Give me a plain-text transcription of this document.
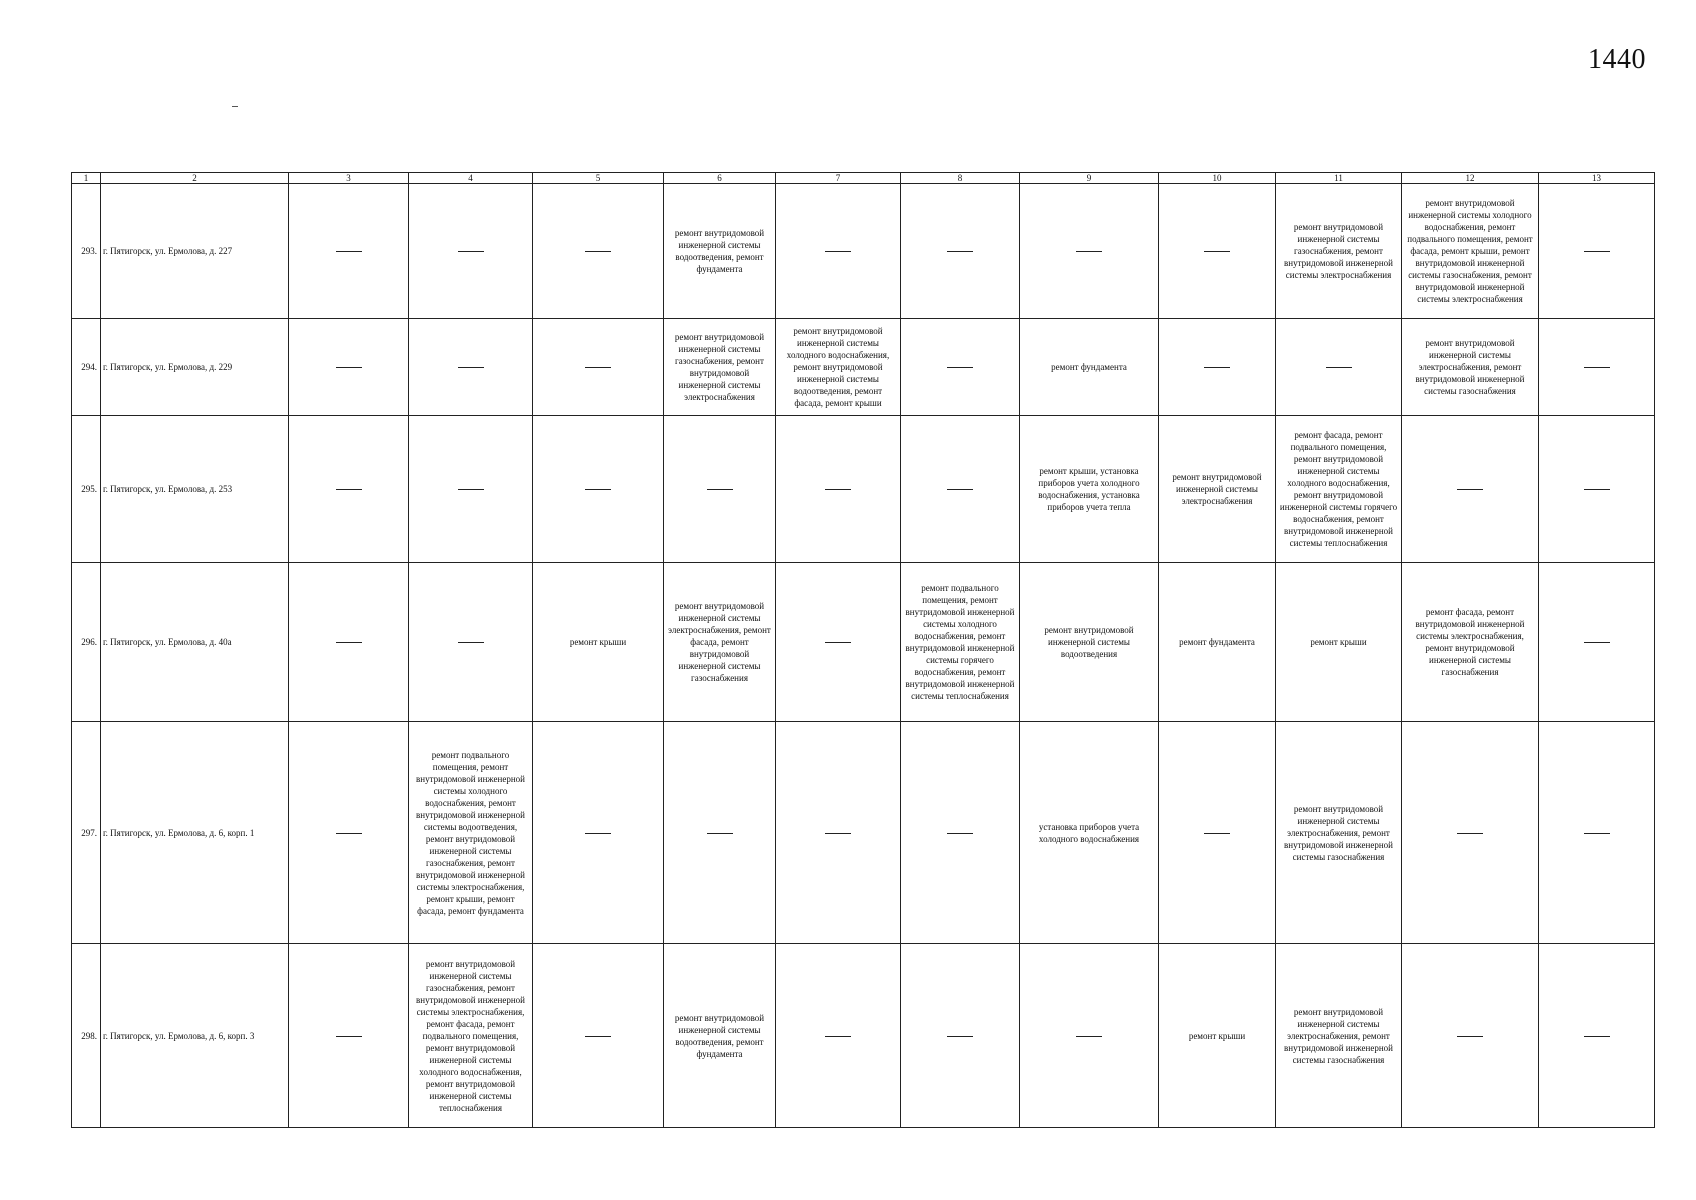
1440
1	2	3	4	5	6	7	8	9	10	11	12	13
293.	г. Пятигорск, ул. Ермолова, д. 227				ремонт внутридомовой инженерной системы водоотведения, ремонт фундамента					ремонт внутридомовой инженерной системы газоснабжения, ремонт внутридомовой инженерной системы электроснабжения	ремонт внутридомовой инженерной системы холодного водоснабжения, ремонт подвального помещения, ремонт фасада, ремонт крыши, ремонт внутридомовой инженерной системы газоснабжения, ремонт внутридомовой инженерной системы электроснабжения	
294.	г. Пятигорск, ул. Ермолова, д. 229				ремонт внутридомовой инженерной системы газоснабжения, ремонт внутридомовой инженерной системы электроснабжения	ремонт внутридомовой инженерной системы холодного водоснабжения, ремонт внутридомовой инженерной системы водоотведения, ремонт фасада, ремонт крыши		ремонт фундамента			ремонт внутридомовой инженерной системы электроснабжения, ремонт внутридомовой инженерной системы газоснабжения	
295.	г. Пятигорск, ул. Ермолова, д. 253							ремонт крыши, установка приборов учета холодного водоснабжения, установка приборов учета тепла	ремонт внутридомовой инженерной системы электроснабжения	ремонт фасада, ремонт подвального помещения, ремонт внутридомовой инженерной системы холодного водоснабжения, ремонт внутридомовой инженерной системы горячего водоснабжения, ремонт внутридомовой инженерной системы теплоснабжения		
296.	г. Пятигорск, ул. Ермолова, д. 40а			ремонт крыши	ремонт внутридомовой инженерной системы электроснабжения, ремонт фасада, ремонт внутридомовой инженерной системы газоснабжения		ремонт подвального помещения, ремонт внутридомовой инженерной системы холодного водоснабжения, ремонт внутридомовой инженерной системы горячего водоснабжения, ремонт внутридомовой инженерной системы теплоснабжения	ремонт внутридомовой инженерной системы водоотведения	ремонт фундамента	ремонт крыши	ремонт фасада, ремонт внутридомовой инженерной системы электроснабжения, ремонт внутридомовой инженерной системы газоснабжения	
297.	г. Пятигорск, ул. Ермолова, д. 6, корп. 1		ремонт подвального помещения, ремонт внутридомовой инженерной системы холодного водоснабжения, ремонт внутридомовой инженерной системы водоотведения, ремонт внутридомовой инженерной системы газоснабжения, ремонт внутридомовой инженерной системы электроснабжения, ремонт крыши, ремонт фасада, ремонт фундамента					установка приборов учета холодного водоснабжения		ремонт внутридомовой инженерной системы электроснабжения, ремонт внутридомовой инженерной системы газоснабжения		
298.	г. Пятигорск, ул. Ермолова, д. 6, корп. 3		ремонт внутридомовой инженерной системы газоснабжения, ремонт внутридомовой инженерной системы электроснабжения, ремонт фасада, ремонт подвального помещения, ремонт внутридомовой инженерной системы холодного водоснабжения, ремонт внутридомовой инженерной системы теплоснабжения		ремонт внутридомовой инженерной системы водоотведения, ремонт фундамента				ремонт крыши	ремонт внутридомовой инженерной системы электроснабжения, ремонт внутридомовой инженерной системы газоснабжения		
